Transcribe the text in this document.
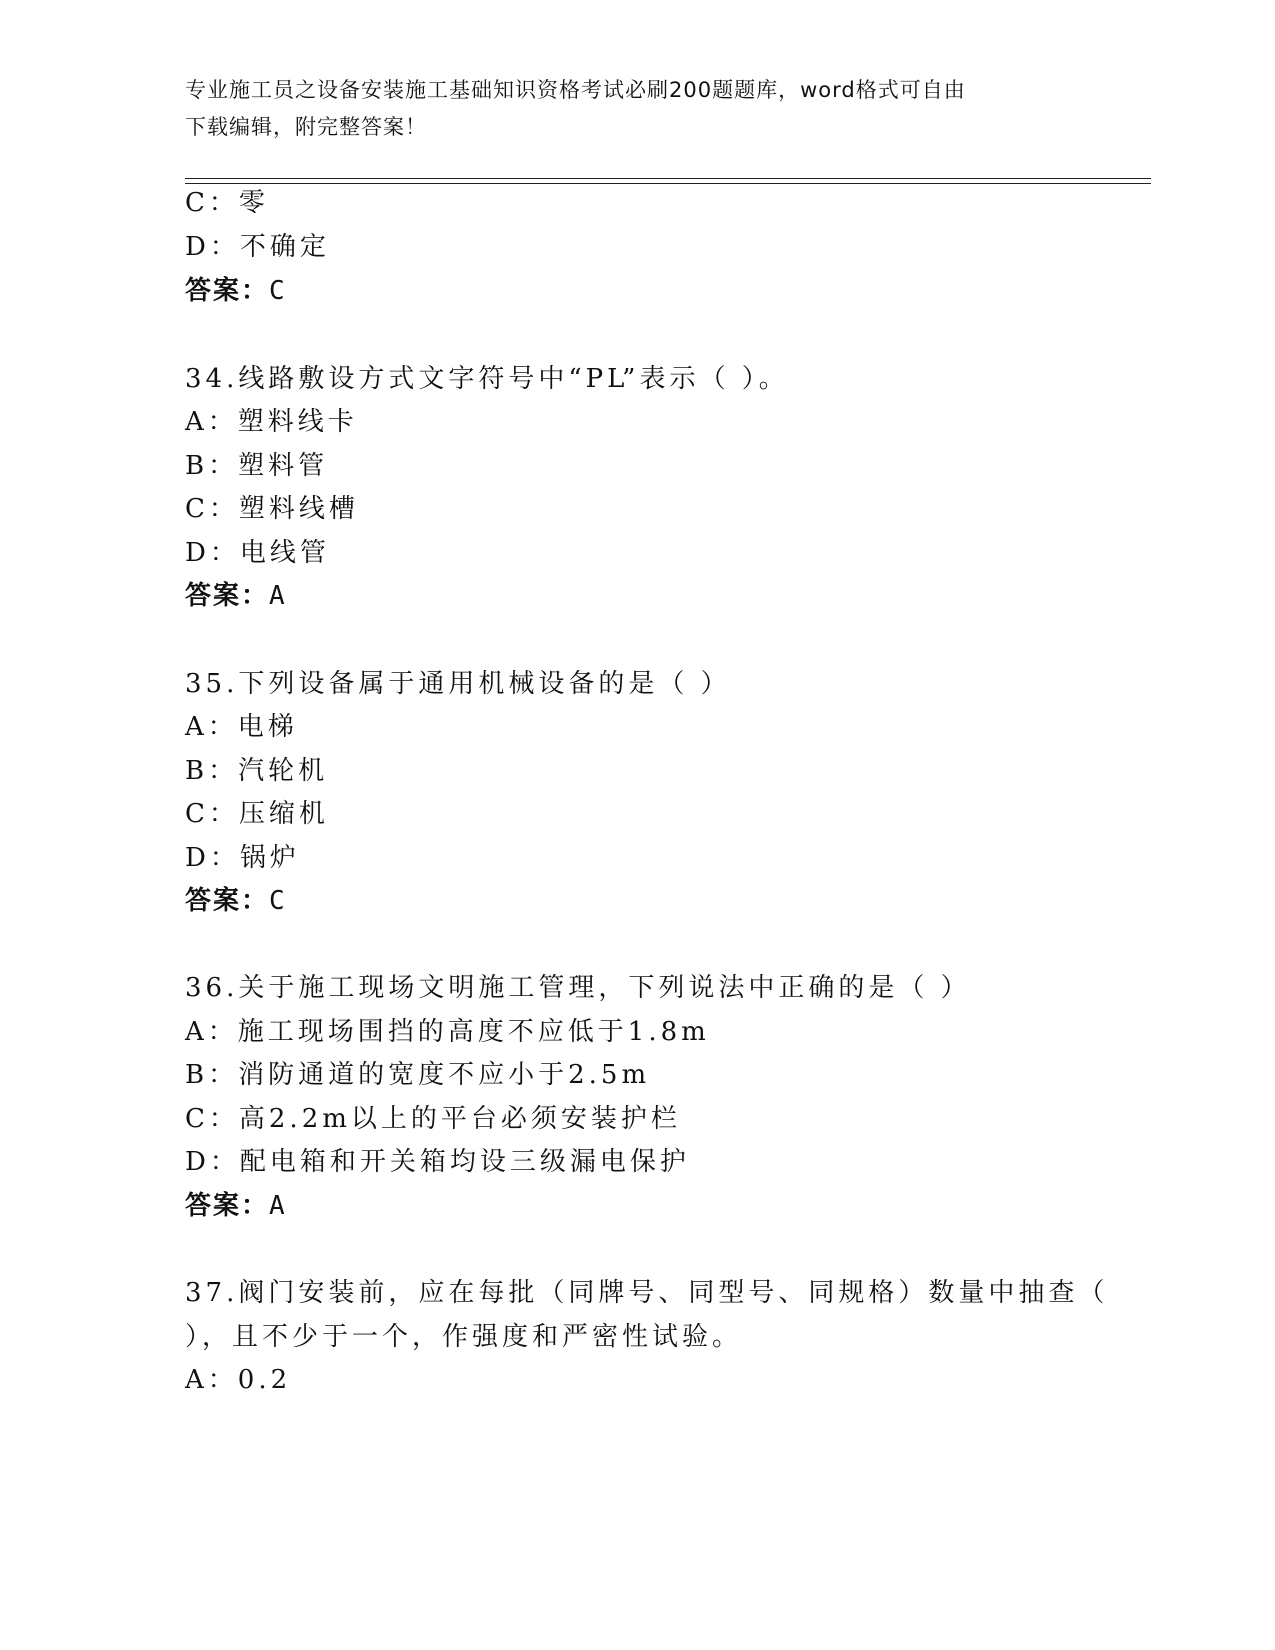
专业施工员之设备安装施工基础知识资格考试必刷200题题库，word格式可自由
下载编辑，附完整答案！
C：零
D：不确定
答案：C
34.线路敷设方式文字符号中“PL”表示（ ）。
A：塑料线卡
B：塑料管
C：塑料线槽
D：电线管
答案：A
35.下列设备属于通用机械设备的是（ ）
A：电梯
B：汽轮机
C：压缩机
D：锅炉
答案：C
36.关于施工现场文明施工管理，下列说法中正确的是（ ）
A：施工现场围挡的高度不应低于1.8m
B：消防通道的宽度不应小于2.5m
C：高2.2m以上的平台必须安装护栏
D：配电箱和开关箱均设三级漏电保护
答案：A
37.阀门安装前，应在每批（同牌号、同型号、同规格）数量中抽查（
），且不少于一个，作强度和严密性试验。
A：0.2
